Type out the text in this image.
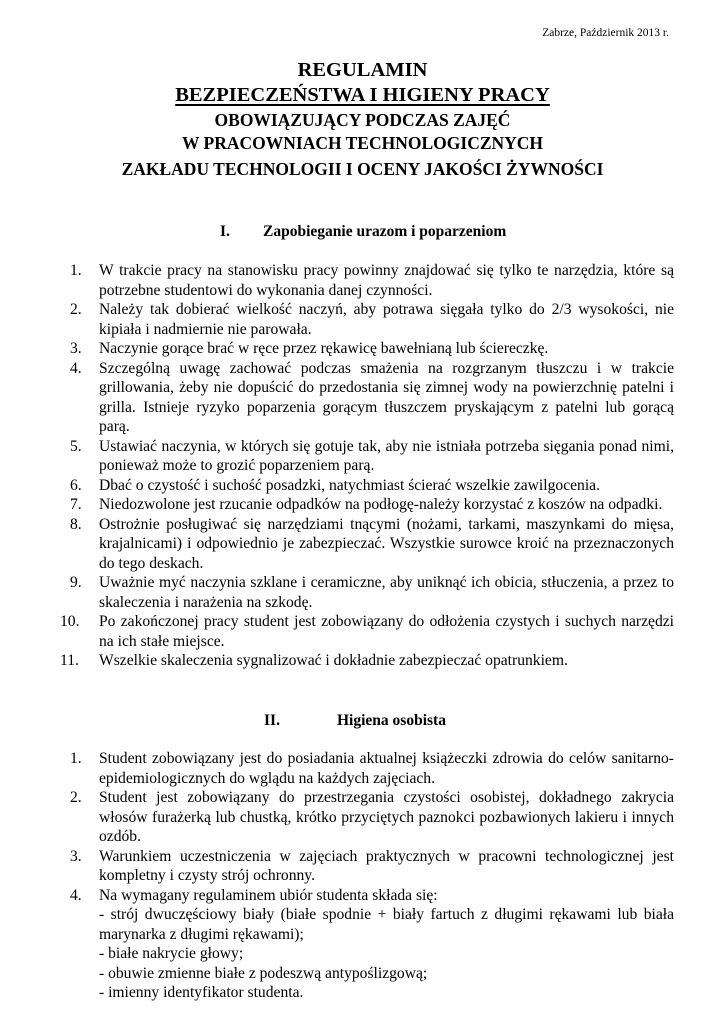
Zabrze, Październik 2013 r.
REGULAMIN
BEZPIECZEŃSTWA I HIGIENY PRACY
OBOWIĄZUJĄCY PODCZAS ZAJĘĆ
W PRACOWNIACH TECHNOLOGICZNYCH
ZAKŁADU TECHNOLOGII I OCENY JAKOŚCI ŻYWNOŚCI
I. Zapobieganie urazom i poparzeniom
1. W trakcie pracy na stanowisku pracy powinny znajdować się tylko te narzędzia, które są potrzebne studentowi do wykonania danej czynności.
2. Należy tak dobierać wielkość naczyń, aby potrawa sięgała tylko do 2/3 wysokości, nie kipiała i nadmiernie nie parowała.
3. Naczynie gorące brać w ręce przez rękawicę bawełnianą lub ściereczkę.
4. Szczególną uwagę zachować podczas smażenia na rozgrzanym tłuszczu i w trakcie grillowania, żeby nie dopuścić do przedostania się zimnej wody na powierzchnię patelni i grilla. Istnieje ryzyko poparzenia gorącym tłuszczem pryskającym z patelni lub gorącą parą.
5. Ustawiać naczynia, w których się gotuje tak, aby nie istniała potrzeba sięgania ponad nimi, ponieważ może to grozić poparzeniem parą.
6. Dbać o czystość i suchość posadzki, natychmiast ścierać wszelkie zawilgocenia.
7. Niedozwolone jest rzucanie odpadków na podłogę-należy korzystać z koszów na odpadki.
8. Ostrożnie posługiwać się narzędziami tnącymi (nożami, tarkami, maszynkami do mięsa, krajalnicami) i odpowiednio je zabezpieczać. Wszystkie surowce kroić na przeznaczonych do tego deskach.
9. Uważnie myć naczynia szklane i ceramiczne, aby uniknąć ich obicia, stłuczenia, a przez to skaleczenia i narażenia na szkodę.
10. Po zakończonej pracy student jest zobowiązany do odłożenia czystych i suchych narzędzi na ich stałe miejsce.
11. Wszelkie skaleczenia sygnalizować i dokładnie zabezpieczać opatrunkiem.
II.	Higiena osobista
1. Student zobowiązany jest do posiadania aktualnej książeczki zdrowia do celów sanitarno-epidemiologicznych do wglądu na każdych zajęciach.
2. Student jest zobowiązany do przestrzegania czystości osobistej, dokładnego zakrycia włosów furażerką lub chustką, krótko przyciętych paznokci pozbawionych lakieru i innych ozdób.
3. Warunkiem uczestniczenia w zajęciach praktycznych w pracowni technologicznej jest kompletny i czysty strój ochronny.
4. Na wymagany regulaminem ubiór studenta składa się:
- strój dwuczęściowy biały (białe spodnie + biały fartuch z długimi rękawami lub biała marynarka z długimi rękawami);
- białe nakrycie głowy;
- obuwie zmienne białe z podeszwą antypoślizgową;
- imienny identyfikator studenta.
